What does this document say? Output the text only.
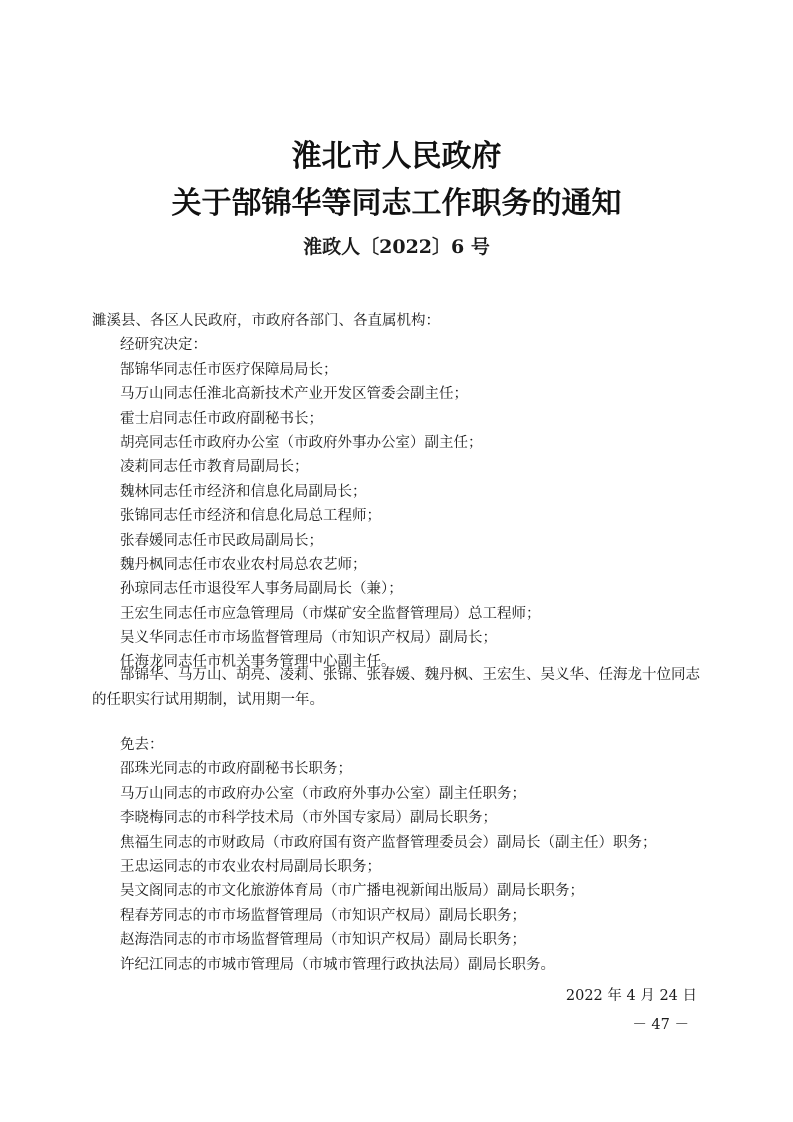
淮北市人民政府
关于郜锦华等同志工作职务的通知
淮政人〔2022〕6 号
濉溪县、各区人民政府，市政府各部门、各直属机构：
经研究决定：
郜锦华同志任市医疗保障局局长；
马万山同志任淮北高新技术产业开发区管委会副主任；
霍士启同志任市政府副秘书长；
胡亮同志任市政府办公室（市政府外事办公室）副主任；
凌莉同志任市教育局副局长；
魏林同志任市经济和信息化局副局长；
张锦同志任市经济和信息化局总工程师；
张春媛同志任市民政局副局长；
魏丹枫同志任市农业农村局总农艺师；
孙琼同志任市退役军人事务局副局长（兼）；
王宏生同志任市应急管理局（市煤矿安全监督管理局）总工程师；
吴义华同志任市市场监督管理局（市知识产权局）副局长；
任海龙同志任市机关事务管理中心副主任。
郜锦华、马万山、胡亮、凌莉、张锦、张春媛、魏丹枫、王宏生、吴义华、任海龙十位同志的任职实行试用期制，试用期一年。
免去：
邵珠光同志的市政府副秘书长职务；
马万山同志的市政府办公室（市政府外事办公室）副主任职务；
李晓梅同志的市科学技术局（市外国专家局）副局长职务；
焦福生同志的市财政局（市政府国有资产监督管理委员会）副局长（副主任）职务；
王忠运同志的市农业农村局副局长职务；
吴文阁同志的市文化旅游体育局（市广播电视新闻出版局）副局长职务；
程春芳同志的市市场监督管理局（市知识产权局）副局长职务；
赵海浩同志的市市场监督管理局（市知识产权局）副局长职务；
许纪江同志的市城市管理局（市城市管理行政执法局）副局长职务。
2022 年 4 月 24 日
－ 47 －
